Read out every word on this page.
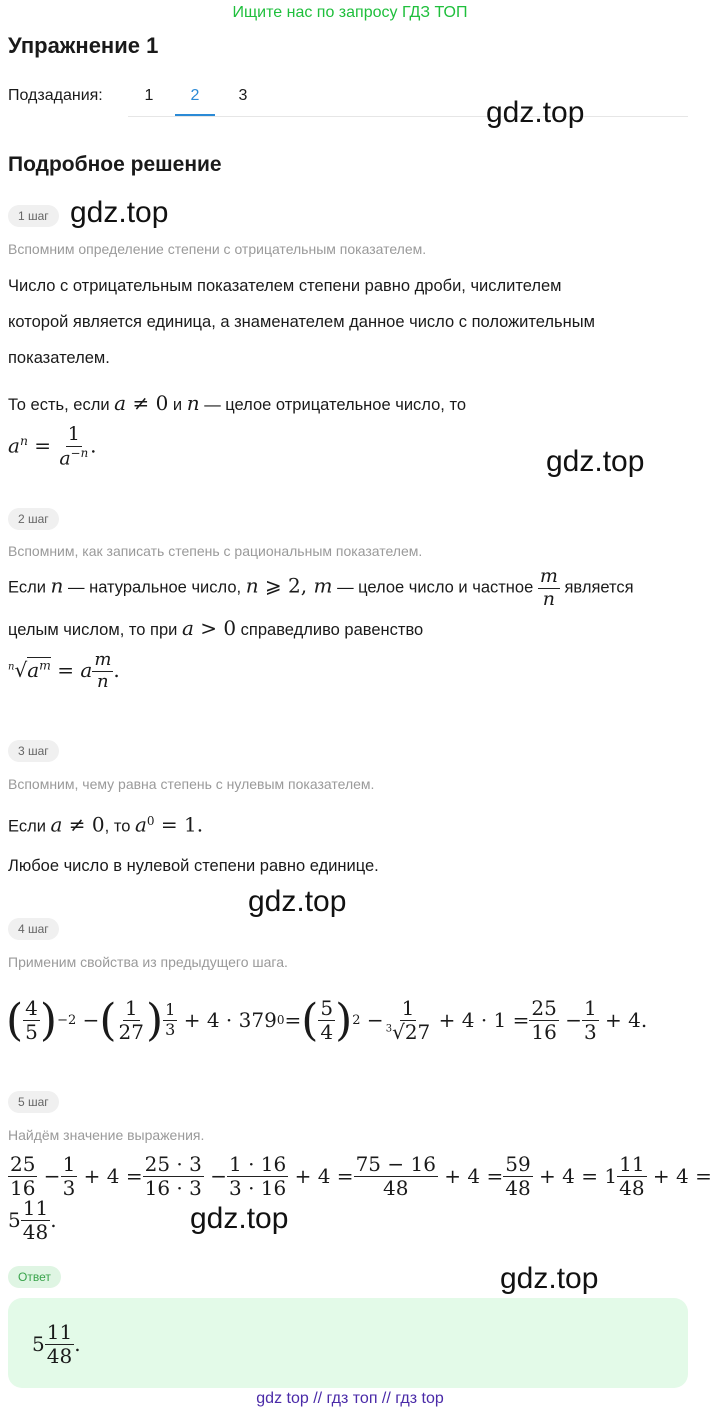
Ищите нас по запросу ГДЗ ТОП
Упражнение 1
Подзадания:	1	2	3
gdz.top
Подробное решение
1 шаг gdz.top
Вспомним определение степени с отрицательным показателем.
Число с отрицательным показателем степени равно дроби, числителем
которой является единица, а знаменателем данное число с положительным
показателем.
То есть, если a ≠ 0 и n — целое отрицательное число, то
$a^n = \frac{1}{a^{-n}}$ .	gdz.top
2 шаг
Вспомним, как записать степень с рациональным показателем.
Если n — натуральное число, n ⩾ 2, m — целое число и частное $\frac{m}{n}$ является
целым числом, то при a > 0 справедливо равенство
$^n√a^m = a$ $^{\frac{m}{n}}$ .
3 шаг
Вспомним, чему равна степень с нулевым показателем.
Если a ≠ 0, то $a^0 = 1$.
Любое число в нулевой степени равно единице.
gdz.top
4 шаг
Применим свойства из предыдущего шага.
( $\frac{4}{5}$ ) −2 − ( $\frac{1}{27}$ ) $\frac{1}{3} + 4 \cdot 379$ 0 = ( $\frac{5}{4}$ ) $2 - \frac{1}{^3√27} + 4 \cdot 1 = \frac{25}{16} - \frac{1}{3} + 4$.
5 шаг
Найдём значение выражения.
$\frac{25}{16} - \frac{1}{3} + 4 = \frac{25 \cdot 3}{16 \cdot 3} - \frac{1 \cdot 16}{3 \cdot 16} + 4 = \frac{75 - 16}{48} + 4 = \frac{59}{48} + 4 = 1 \frac{11}{48} + 4$ =
$5 \frac{11}{48}$ .	gdz.top
Ответ	gdz.top
$5 \frac{11}{48}$ .
gdz top // гдз топ // гдз top
